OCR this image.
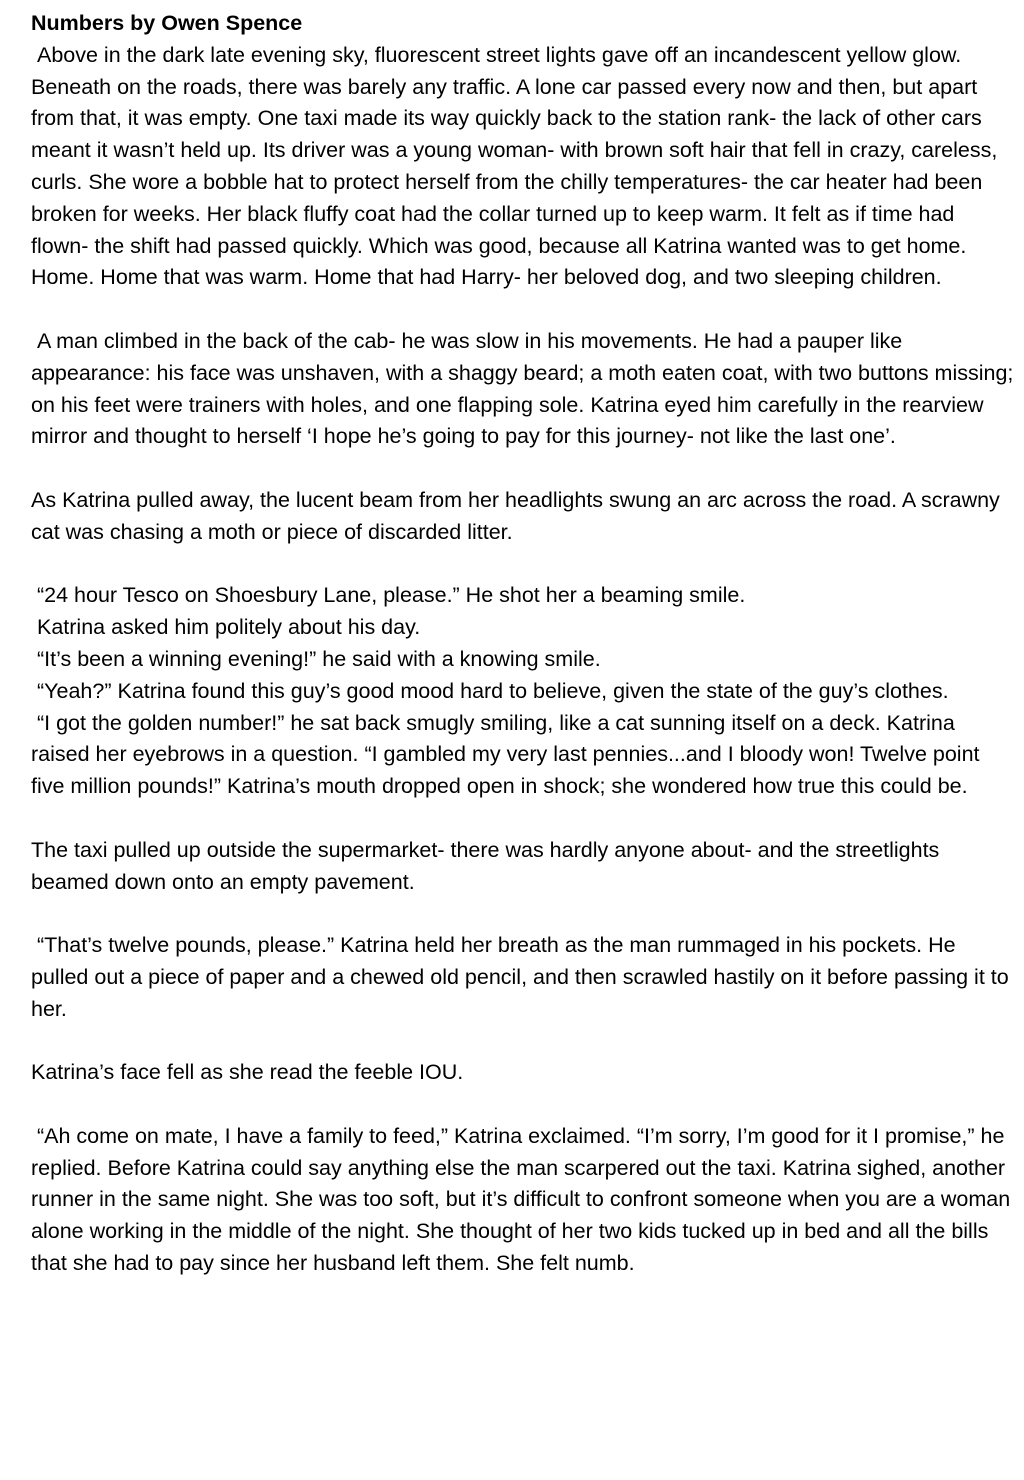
Numbers by Owen Spence

Above in the dark late evening sky, fluorescent street lights gave off an incandescent yellow glow. Beneath on the roads, there was barely any traffic. A lone car passed every now and then, but apart from that, it was empty. One taxi made its way quickly back to the station rank- the lack of other cars meant it wasn’t held up. Its driver was a young woman- with brown soft hair that fell in crazy, careless, curls. She wore a bobble hat to protect herself from the chilly temperatures- the car heater had been broken for weeks. Her black fluffy coat had the collar turned up to keep warm. It felt as if time had flown- the shift had passed quickly. Which was good, because all Katrina wanted was to get home. Home. Home that was warm. Home that had Harry- her beloved dog, and two sleeping children.

A man climbed in the back of the cab- he was slow in his movements. He had a pauper like appearance: his face was unshaven, with a shaggy beard; a moth eaten coat, with two buttons missing; on his feet were trainers with holes, and one flapping sole. Katrina eyed him carefully in the rearview mirror and thought to herself ‘I hope he’s going to pay for this journey- not like the last one’.

As Katrina pulled away, the lucent beam from her headlights swung an arc across the road. A scrawny cat was chasing a moth or piece of discarded litter.

“24 hour Tesco on Shoesbury Lane, please.” He shot her a beaming smile.

Katrina asked him politely about his day.

“It’s been a winning evening!” he said with a knowing smile.

“Yeah?” Katrina found this guy’s good mood hard to believe, given the state of the guy’s clothes.

“I got the golden number!” he sat back smugly smiling, like a cat sunning itself on a deck. Katrina raised her eyebrows in a question. “I gambled my very last pennies...and I bloody won! Twelve point five million pounds!” Katrina’s mouth dropped open in shock; she wondered how true this could be.

The taxi pulled up outside the supermarket- there was hardly anyone about- and the streetlights beamed down onto an empty pavement.

“That’s twelve pounds, please.” Katrina held her breath as the man rummaged in his pockets. He pulled out a piece of paper and a chewed old pencil, and then scrawled hastily on it before passing it to her.

Katrina’s face fell as she read the feeble IOU.

“Ah come on mate, I have a family to feed,” Katrina exclaimed. “I’m sorry, I’m good for it I promise,” he replied. Before Katrina could say anything else the man scarpered out the taxi. Katrina sighed, another runner in the same night. She was too soft, but it’s difficult to confront someone when you are a woman alone working in the middle of the night. She thought of her two kids tucked up in bed and all the bills that she had to pay since her husband left them. She felt numb.
